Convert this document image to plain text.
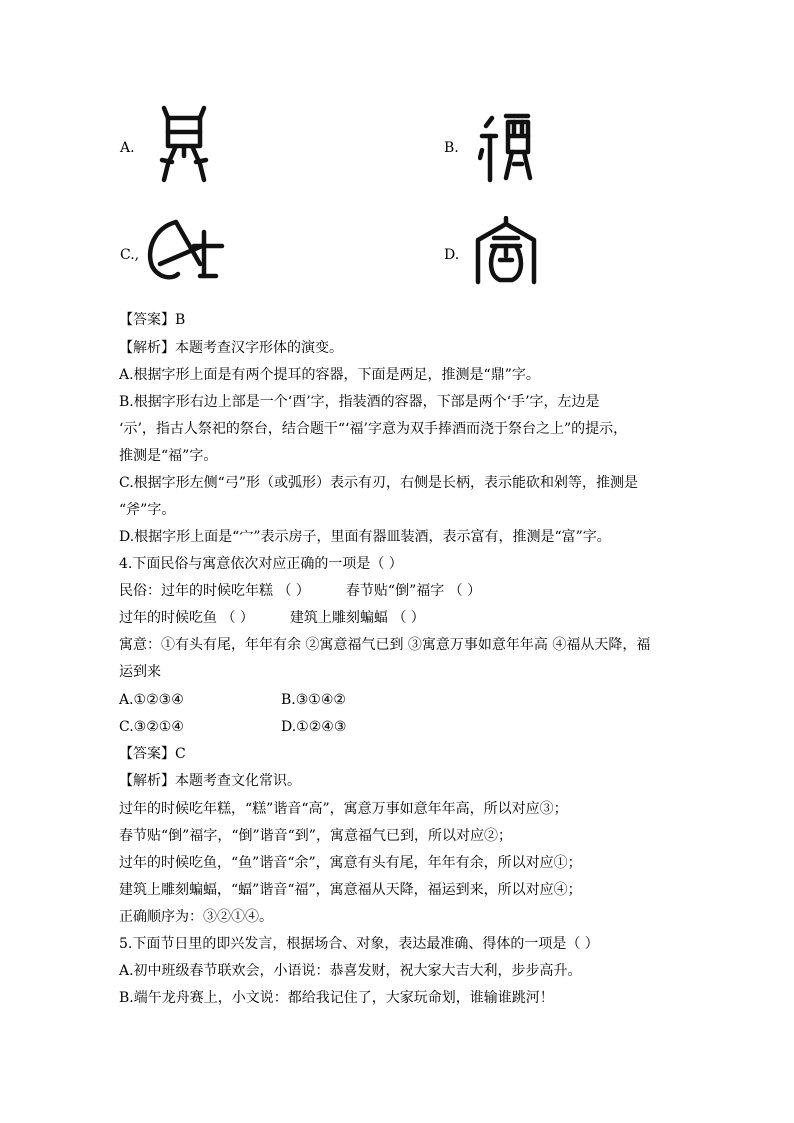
A.	B.
C.,	D.
【答案】B
【解析】本题考查汉字形体的演变。
A.根据字形上面是有两个提耳的容器，下面是两足，推测是“鼎”字。
B.根据字形右边上部是一个‘酉’字，指装酒的容器，下部是两个‘手’字，左边是
‘示’，指古人祭祀的祭台，结合题干“‘福’字意为双手捧酒而浇于祭台之上”的提示，
推测是“福”字。
C.根据字形左侧“弓”形（或弧形）表示有刃，右侧是长柄，表示能砍和剁等，推测是
“斧”字。
D.根据字形上面是“宀”表示房子，里面有器皿装酒，表示富有，推测是“富”字。
4.下面民俗与寓意依次对应正确的一项是（ ）
民俗：过年的时候吃年糕 （ ）	春节贴“倒”福字 （ ）
过年的时候吃鱼 （ ）	建筑上雕刻蝙蝠 （ ）
寓意：①有头有尾，年年有余 ②寓意福气已到 ③寓意万事如意年年高 ④福从天降，福
运到来
A.①②③④	B.③①④②
C.③②①④	D.①②④③
【答案】C
【解析】本题考查文化常识。
过年的时候吃年糕，“糕”谐音“高”，寓意万事如意年年高，所以对应③；
春节贴“倒”福字，“倒”谐音“到”，寓意福气已到，所以对应②；
过年的时候吃鱼，“鱼”谐音“余”，寓意有头有尾，年年有余，所以对应①；
建筑上雕刻蝙蝠，“蝠”谐音“福”，寓意福从天降，福运到来，所以对应④；
正确顺序为：③②①④。
5.下面节日里的即兴发言，根据场合、对象，表达最准确、得体的一项是（ ）
A.初中班级春节联欢会，小语说：恭喜发财，祝大家大吉大利，步步高升。
B.端午龙舟赛上，小文说：都给我记住了，大家玩命划，谁输谁跳河！
